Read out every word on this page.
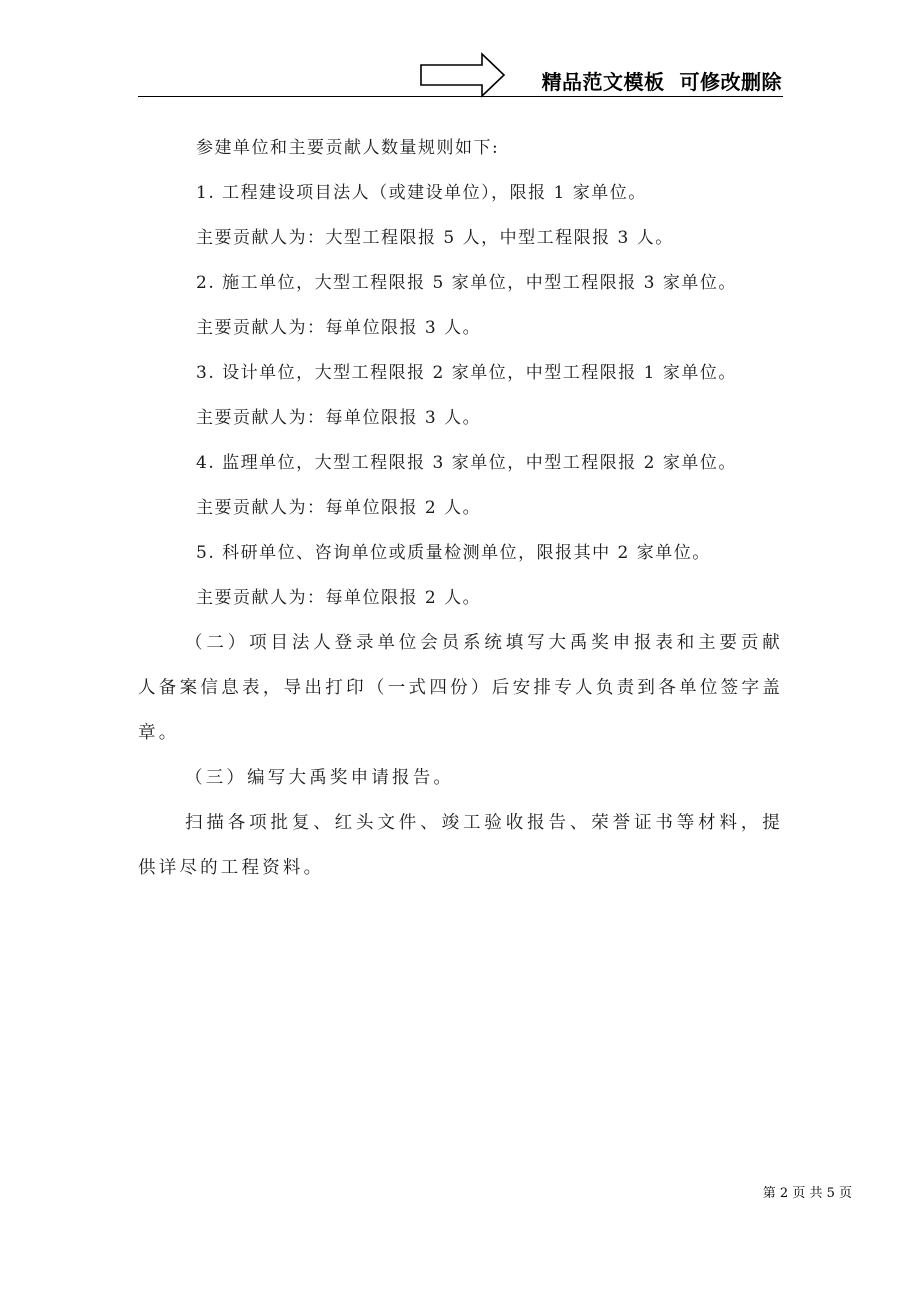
精品范文模板  可修改删除
参建单位和主要贡献人数量规则如下:
1. 工程建设项目法人（或建设单位），限报 1 家单位。
主要贡献人为：大型工程限报 5 人，中型工程限报 3 人。
2. 施工单位，大型工程限报 5 家单位，中型工程限报 3 家单位。
主要贡献人为：每单位限报 3 人。
3. 设计单位，大型工程限报 2 家单位，中型工程限报 1 家单位。
主要贡献人为：每单位限报 3 人。
4. 监理单位，大型工程限报 3 家单位，中型工程限报 2 家单位。
主要贡献人为：每单位限报 2 人。
5. 科研单位、咨询单位或质量检测单位，限报其中 2 家单位。
主要贡献人为：每单位限报 2 人。

（二）项目法人登录单位会员系统填写大禹奖申报表和主要贡献人备案信息表，导出打印（一式四份）后安排专人负责到各单位签字盖章。

（三）编写大禹奖申请报告。

扫描各项批复、红头文件、竣工验收报告、荣誉证书等材料，提供详尽的工程资料。

第 2 页 共 5 页
